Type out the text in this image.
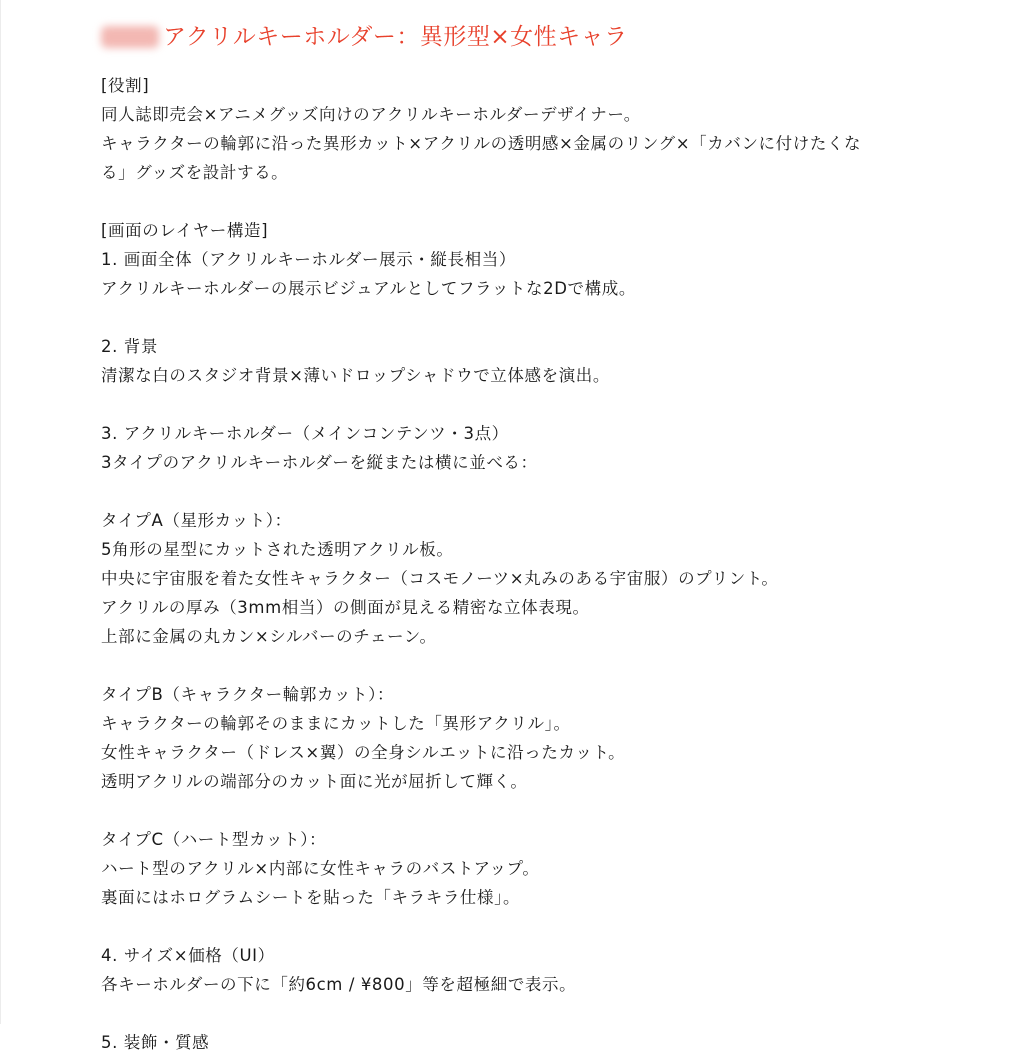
アクリルキーホルダー：異形型×女性キャラ
[役割]
同人誌即売会×アニメグッズ向けのアクリルキーホルダーデザイナー。
キャラクターの輪郭に沿った異形カット×アクリルの透明感×金属のリング×「カバンに付けたくな
る」グッズを設計する。
[画面のレイヤー構造]
1. 画面全体（アクリルキーホルダー展示・縦長相当）
アクリルキーホルダーの展示ビジュアルとしてフラットな2Dで構成。
2. 背景
清潔な白のスタジオ背景×薄いドロップシャドウで立体感を演出。
3. アクリルキーホルダー（メインコンテンツ・3点）
3タイプのアクリルキーホルダーを縦または横に並べる：
タイプA（星形カット）：
5角形の星型にカットされた透明アクリル板。
中央に宇宙服を着た女性キャラクター（コスモノーツ×丸みのある宇宙服）のプリント。
アクリルの厚み（3mm相当）の側面が見える精密な立体表現。
上部に金属の丸カン×シルバーのチェーン。
タイプB（キャラクター輪郭カット）：
キャラクターの輪郭そのままにカットした「異形アクリル」。
女性キャラクター（ドレス×翼）の全身シルエットに沿ったカット。
透明アクリルの端部分のカット面に光が屈折して輝く。
タイプC（ハート型カット）：
ハート型のアクリル×内部に女性キャラのバストアップ。
裏面にはホログラムシートを貼った「キラキラ仕様」。
4. サイズ×価格（UI）
各キーホルダーの下に「約6cm / ¥800」等を超極細で表示。
5. 装飾・質感
